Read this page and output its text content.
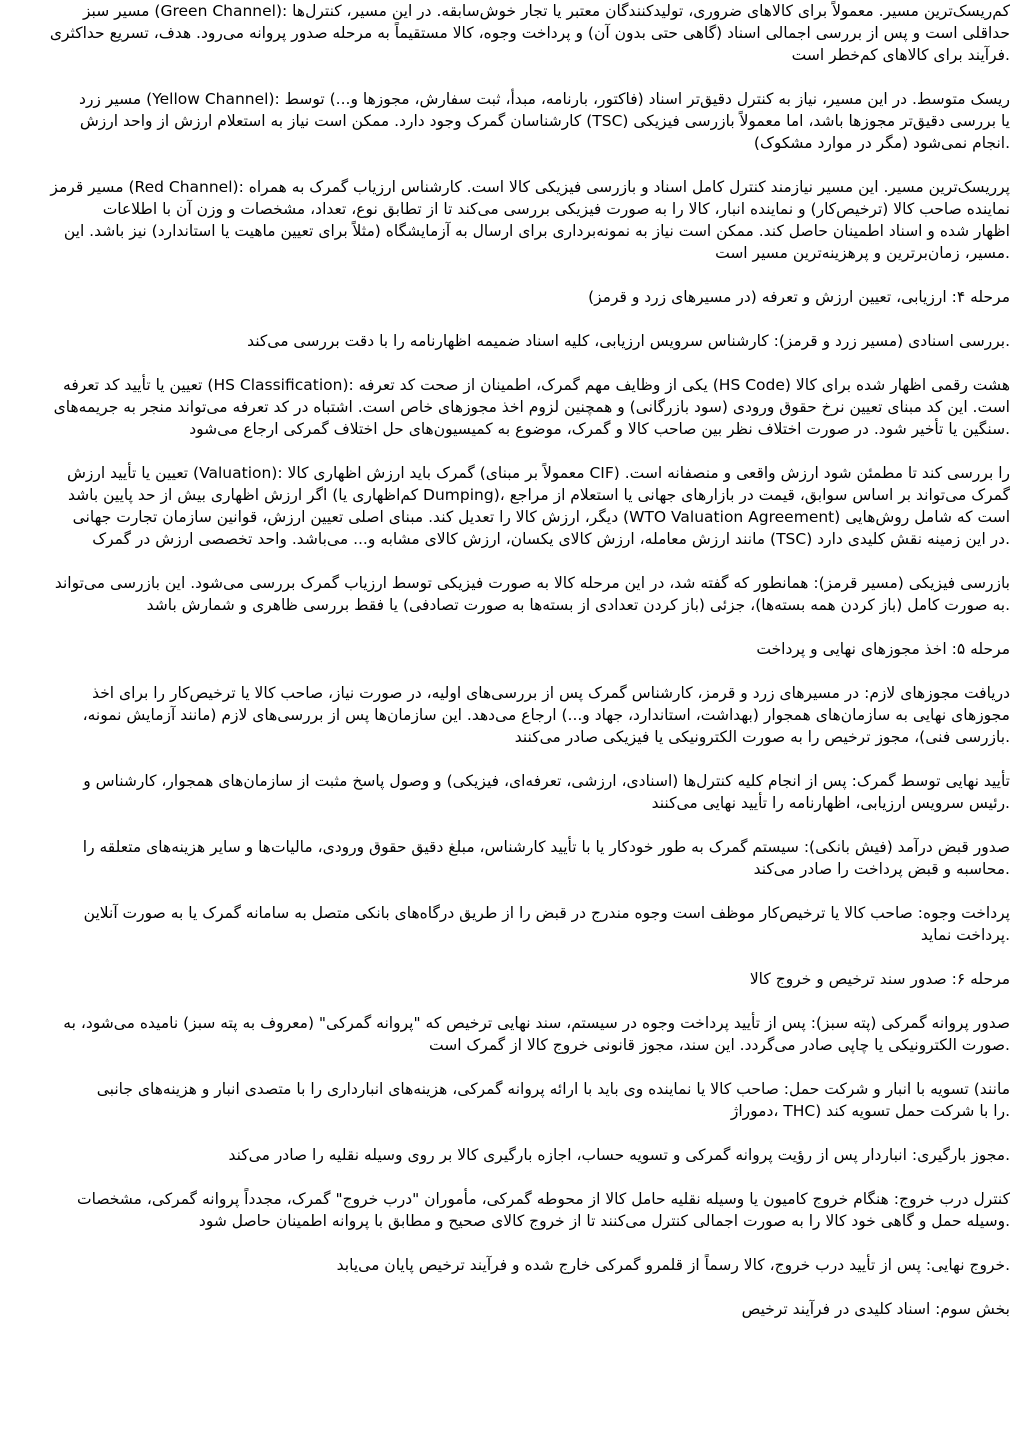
کم‌ریسک‌ترین مسیر. معمولاً برای کالاهای ضروری، تولیدکنندگان معتبر یا تجار خوش‌سابقه. در این مسیر، کنترل‌ها :(Green Channel) مسیر سبز
حداقلی است و پس از بررسی اجمالی اسناد (گاهی حتی بدون آن) و پرداخت وجوه، کالا مستقیماً به مرحله صدور پروانه می‌رود. هدف، تسریع حداکثری
.فرآیند برای کالاهای کم‌خطر است
ریسک متوسط. در این مسیر، نیاز به کنترل دقیق‌تر اسناد (فاکتور، بارنامه، مبدأ، ثبت سفارش، مجوزها و...) توسط :(Yellow Channel) مسیر زرد
یا بررسی دقیق‌تر مجوزها باشد، اما معمولاً بازرسی فیزیکی (TSC) کارشناسان گمرک وجود دارد. ممکن است نیاز به استعلام ارزش از واحد ارزش
.انجام نمی‌شود (مگر در موارد مشکوک)
پرریسک‌ترین مسیر. این مسیر نیازمند کنترل کامل اسناد و بازرسی فیزیکی کالا است. کارشناس ارزیاب گمرک به همراه :(Red Channel) مسیر قرمز
نماینده صاحب کالا (ترخیص‌کار) و نماینده انبار، کالا را به صورت فیزیکی بررسی می‌کند تا از تطابق نوع، تعداد، مشخصات و وزن آن با اطلاعات
اظهار شده و اسناد اطمینان حاصل کند. ممکن است نیاز به نمونه‌برداری برای ارسال به آزمایشگاه (مثلاً برای تعیین ماهیت یا استاندارد) نیز باشد. این
.مسیر، زمان‌برترین و پرهزینه‌ترین مسیر است
مرحله ۴: ارزیابی، تعیین ارزش و تعرفه (در مسیرهای زرد و قرمز)
.بررسی اسنادی (مسیر زرد و قرمز): کارشناس سرویس ارزیابی، کلیه اسناد ضمیمه اظهارنامه را با دقت بررسی می‌کند
هشت رقمی اظهار شده برای کالا (HS Code) یکی از وظایف مهم گمرک، اطمینان از صحت کد تعرفه :(HS Classification) تعیین یا تأیید کد تعرفه
است. این کد مبنای تعیین نرخ حقوق ورودی (سود بازرگانی) و همچنین لزوم اخذ مجوزهای خاص است. اشتباه در کد تعرفه می‌تواند منجر به جریمه‌های
.سنگین یا تأخیر شود. در صورت اختلاف نظر بین صاحب کالا و گمرک، موضوع به کمیسیون‌های حل اختلاف گمرکی ارجاع می‌شود
را بررسی کند تا مطمئن شود ارزش واقعی و منصفانه است. (CIF معمولاً بر مبنای) گمرک باید ارزش اظهاری کالا :(Valuation) تعیین یا تأیید ارزش
گمرک می‌تواند بر اساس سوابق، قیمت در بازارهای جهانی یا استعلام از مراجع ،(Dumping کم‌اظهاری یا) اگر ارزش اظهاری بیش از حد پایین باشد
است که شامل روش‌هایی (WTO Valuation Agreement) دیگر، ارزش کالا را تعدیل کند. مبنای اصلی تعیین ارزش، قوانین سازمان تجارت جهانی
.در این زمینه نقش کلیدی دارد (TSC) مانند ارزش معامله، ارزش کالای یکسان، ارزش کالای مشابه و... می‌باشد. واحد تخصصی ارزش در گمرک
بازرسی فیزیکی (مسیر قرمز): همانطور که گفته شد، در این مرحله کالا به صورت فیزیکی توسط ارزیاب گمرک بررسی می‌شود. این بازرسی می‌تواند
.به صورت کامل (باز کردن همه بسته‌ها)، جزئی (باز کردن تعدادی از بسته‌ها به صورت تصادفی) یا فقط بررسی ظاهری و شمارش باشد
مرحله ۵: اخذ مجوزهای نهایی و پرداخت
دریافت مجوزهای لازم: در مسیرهای زرد و قرمز، کارشناس گمرک پس از بررسی‌های اولیه، در صورت نیاز، صاحب کالا یا ترخیص‌کار را برای اخذ
مجوزهای نهایی به سازمان‌های همجوار (بهداشت، استاندارد، جهاد و...) ارجاع می‌دهد. این سازمان‌ها پس از بررسی‌های لازم (مانند آزمایش نمونه،
.بازرسی فنی)، مجوز ترخیص را به صورت الکترونیکی یا فیزیکی صادر می‌کنند
تأیید نهایی توسط گمرک: پس از انجام کلیه کنترل‌ها (اسنادی، ارزشی، تعرفه‌ای، فیزیکی) و وصول پاسخ مثبت از سازمان‌های همجوار، کارشناس و
.رئیس سرویس ارزیابی، اظهارنامه را تأیید نهایی می‌کنند
صدور قبض درآمد (فیش بانکی): سیستم گمرک به طور خودکار یا با تأیید کارشناس، مبلغ دقیق حقوق ورودی، مالیات‌ها و سایر هزینه‌های متعلقه را
.محاسبه و قبض پرداخت را صادر می‌کند
پرداخت وجوه: صاحب کالا یا ترخیص‌کار موظف است وجوه مندرج در قبض را از طریق درگاه‌های بانکی متصل به سامانه گمرک یا به صورت آنلاین
.پرداخت نماید
مرحله ۶: صدور سند ترخیص و خروج کالا
صدور پروانه گمرکی (پته سبز): پس از تأیید پرداخت وجوه در سیستم، سند نهایی ترخیص که "پروانه گمرکی" (معروف به پته سبز) نامیده می‌شود، به
.صورت الکترونیکی یا چاپی صادر می‌گردد. این سند، مجوز قانونی خروج کالا از گمرک است
مانند) تسویه با انبار و شرکت حمل: صاحب کالا یا نماینده وی باید با ارائه پروانه گمرکی، هزینه‌های انبارداری را با متصدی انبار و هزینه‌های جانبی
.را با شرکت حمل تسویه کند (THC ،دموراژ
.مجوز بارگیری: انباردار پس از رؤیت پروانه گمرکی و تسویه حساب، اجازه بارگیری کالا بر روی وسیله نقلیه را صادر می‌کند
کنترل درب خروج: هنگام خروج کامیون یا وسیله نقلیه حامل کالا از محوطه گمرکی، مأموران "درب خروج" گمرک، مجدداً پروانه گمرکی، مشخصات
.وسیله حمل و گاهی خود کالا را به صورت اجمالی کنترل می‌کنند تا از خروج کالای صحیح و مطابق با پروانه اطمینان حاصل شود
.خروج نهایی: پس از تأیید درب خروج، کالا رسماً از قلمرو گمرکی خارج شده و فرآیند ترخیص پایان می‌یابد
بخش سوم: اسناد کلیدی در فرآیند ترخیص
